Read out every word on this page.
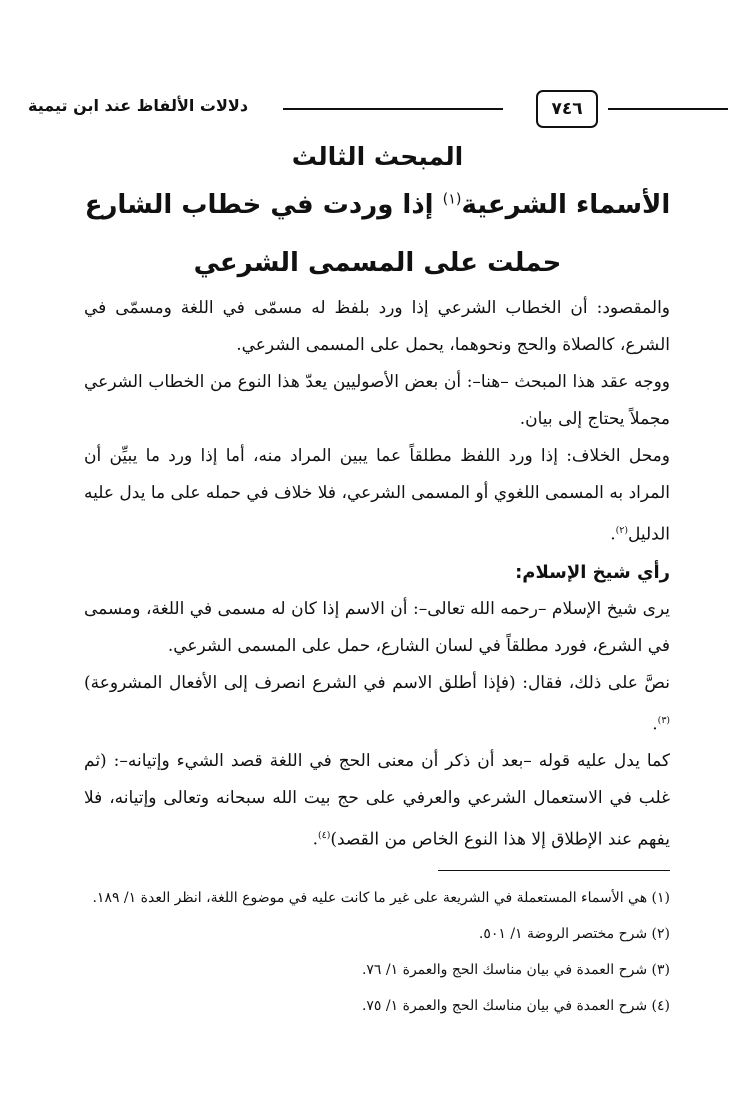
٧٤٦
دلالات الألفاظ عند ابن تيمية
المبحث الثالث
الأسماء الشرعية$^{(١)}$ إذا وردت في خطاب الشارع
حملت على المسمى الشرعي

والمقصود: أن الخطاب الشرعي إذا ورد بلفظ له مسمّى في اللغة ومسمّى في الشرع، كالصلاة والحج ونحوهما، يحمل على المسمى الشرعي.

ووجه عقد هذا المبحث –هنا–: أن بعض الأصوليين يعدّ هذا النوع من الخطاب الشرعي مجملاً يحتاج إلى بيان.

ومحل الخلاف: إذا ورد اللفظ مطلقاً عما يبين المراد منه، أما إذا ورد ما يبيِّن أن المراد به المسمى اللغوي أو المسمى الشرعي، فلا خلاف في حمله على ما يدل عليه الدليل$^{(٢)}$.

رأي شيخ الإسلام:

يرى شيخ الإسلام –رحمه الله تعالى–: أن الاسم إذا كان له مسمى في اللغة، ومسمى في الشرع، فورد مطلقاً في لسان الشارع، حمل على المسمى الشرعي.

نصَّ على ذلك، فقال: (فإذا أطلق الاسم في الشرع انصرف إلى الأفعال المشروعة)$^{(٣)}$.

كما يدل عليه قوله –بعد أن ذكر أن معنى الحج في اللغة قصد الشيء وإتيانه–: (ثم غلب في الاستعمال الشرعي والعرفي على حج بيت الله سبحانه وتعالى وإتيانه، فلا يفهم عند الإطلاق إلا هذا النوع الخاص من القصد)$^{(٤)}$.

(١) هي الأسماء المستعملة في الشريعة على غير ما كانت عليه في موضوع اللغة، انظر العدة ١/ ١٨٩.

(٢) شرح مختصر الروضة ١/ ٥٠١.

(٣) شرح العمدة في بيان مناسك الحج والعمرة ١/ ٧٦.

(٤) شرح العمدة في بيان مناسك الحج والعمرة ١/ ٧٥.
